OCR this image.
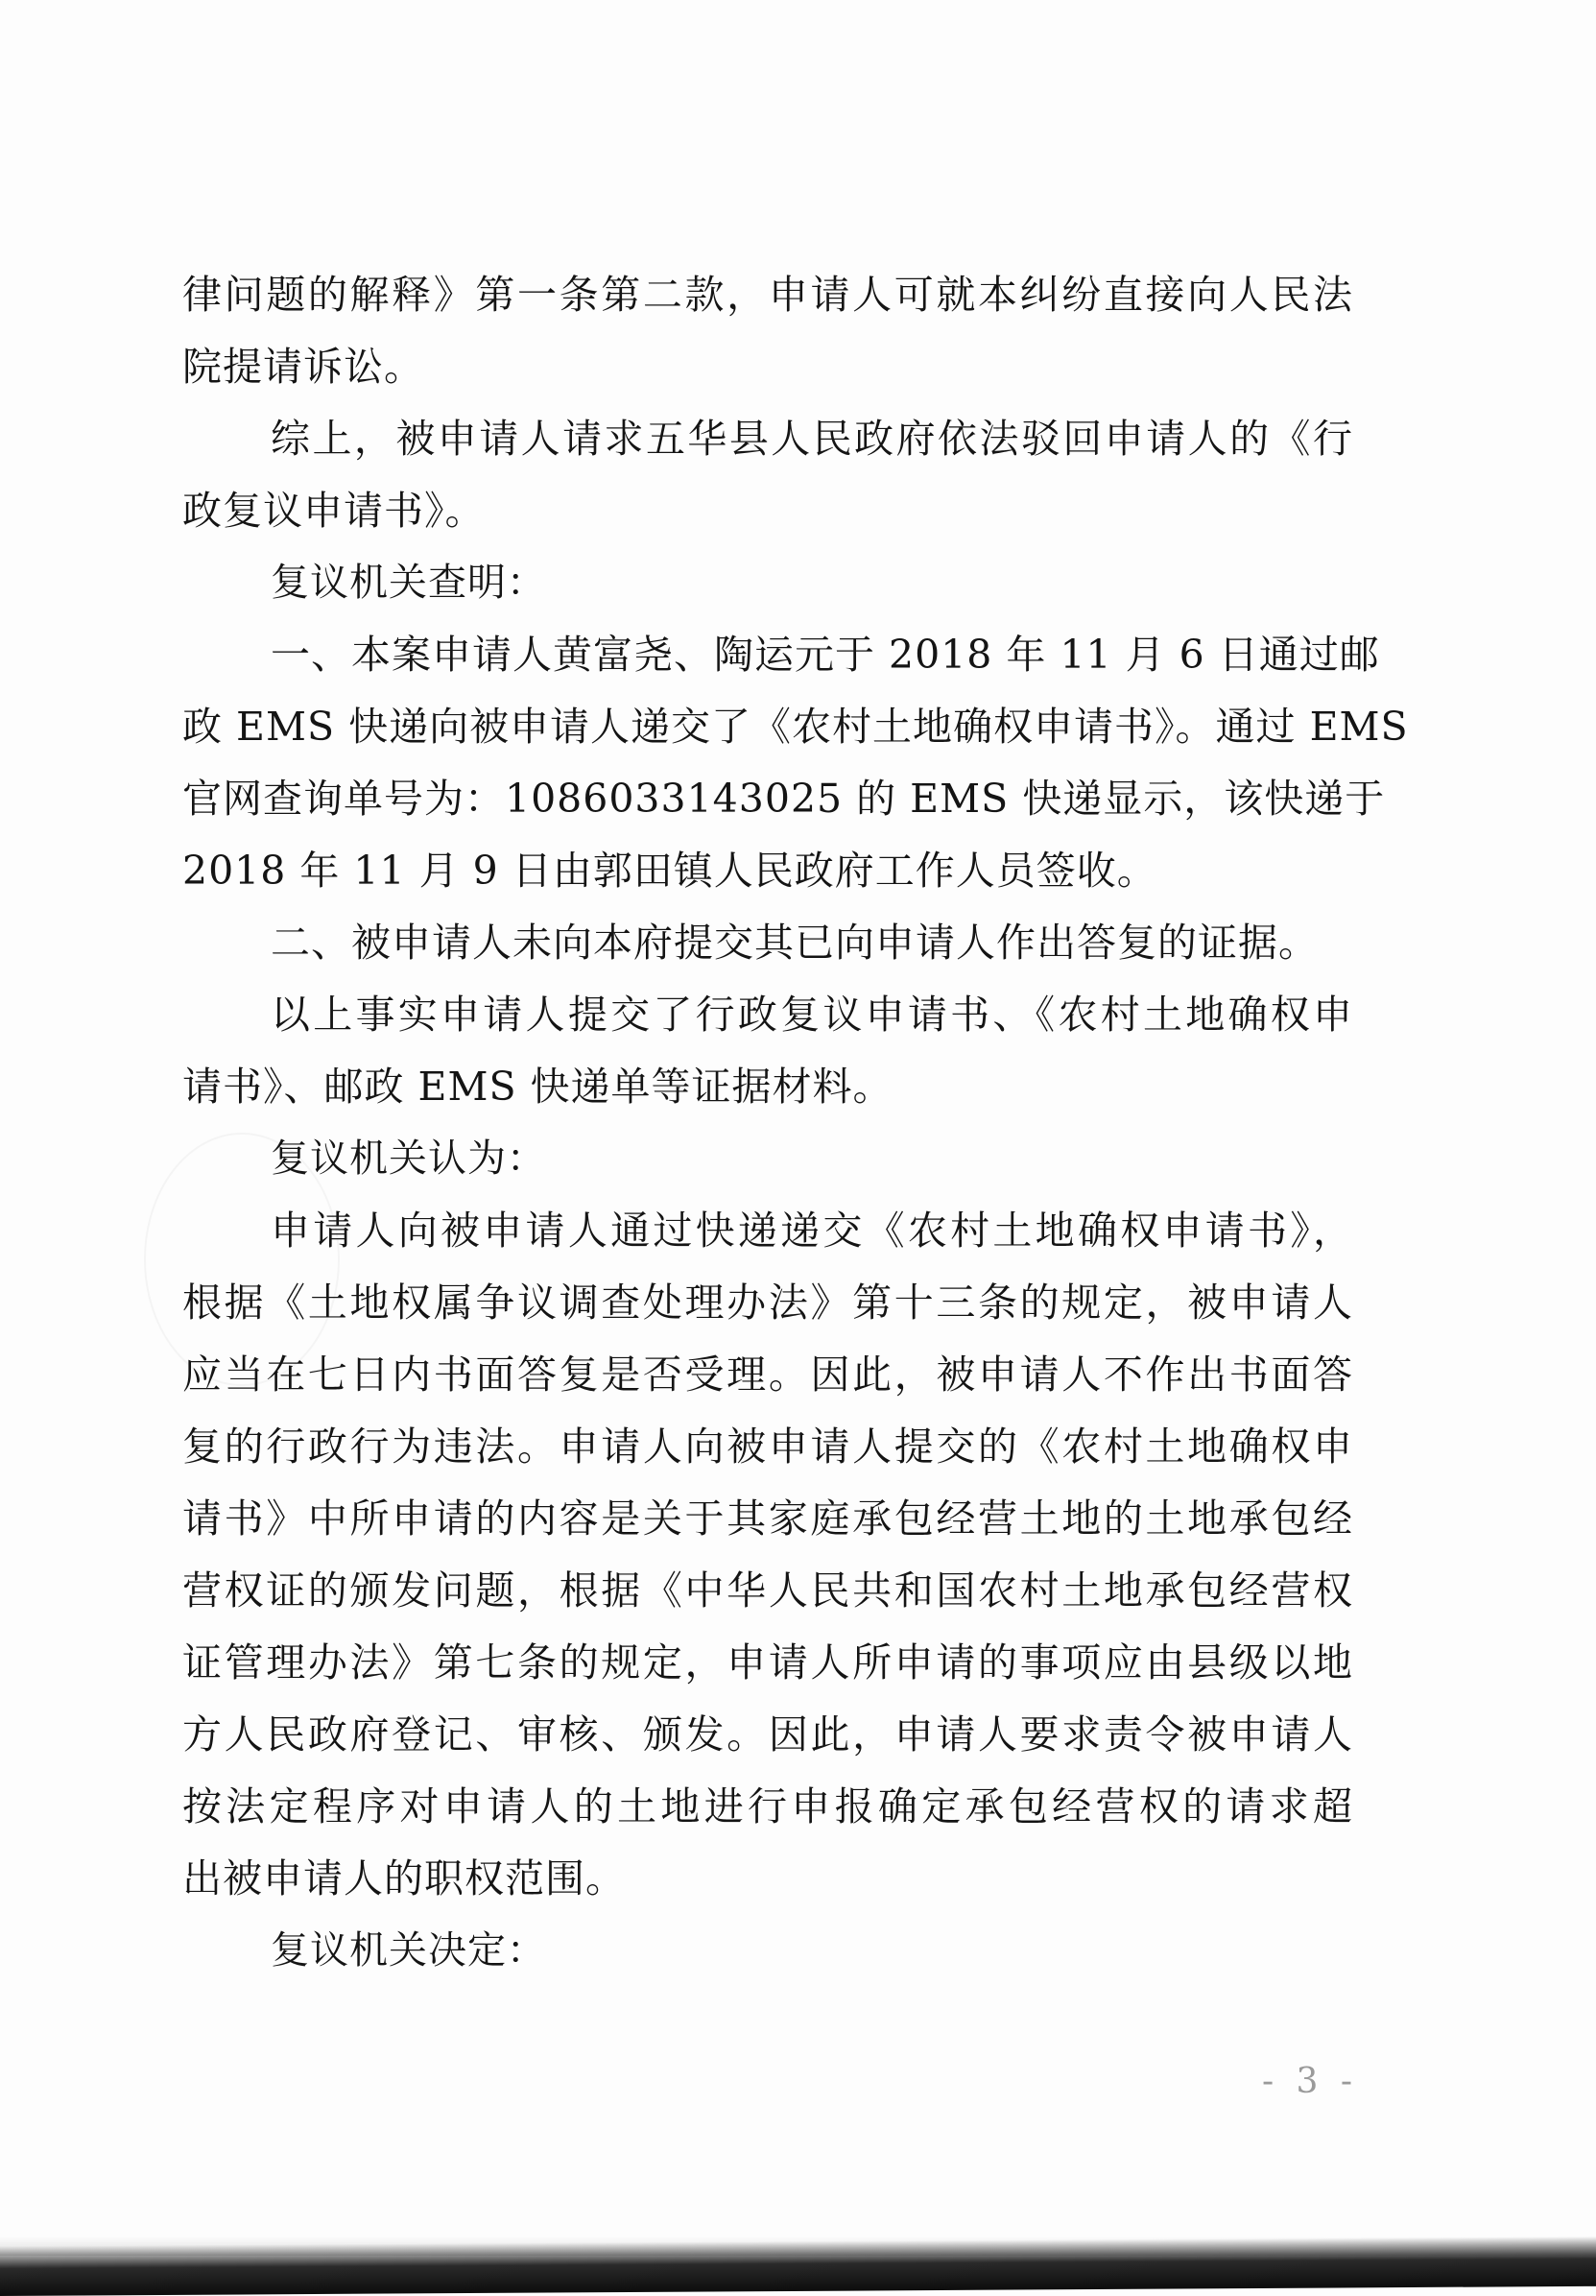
律问题的解释》第一条第二款，申请人可就本纠纷直接向人民法
院提请诉讼。
综上，被申请人请求五华县人民政府依法驳回申请人的《行
政复议申请书》。
复议机关查明：
一、本案申请人黄富尧、陶运元于 2018 年 11 月 6 日通过邮
政 EMS 快递向被申请人递交了《农村土地确权申请书》。通过 EMS
官网查询单号为：1086033143025 的 EMS 快递显示，该快递于
2018 年 11 月 9 日由郭田镇人民政府工作人员签收。
二、被申请人未向本府提交其已向申请人作出答复的证据。
以上事实申请人提交了行政复议申请书、《农村土地确权申
请书》、邮政 EMS 快递单等证据材料。
复议机关认为：
申请人向被申请人通过快递递交《农村土地确权申请书》，
根据《土地权属争议调查处理办法》第十三条的规定，被申请人
应当在七日内书面答复是否受理。因此，被申请人不作出书面答
复的行政行为违法。申请人向被申请人提交的《农村土地确权申
请书》中所申请的内容是关于其家庭承包经营土地的土地承包经
营权证的颁发问题，根据《中华人民共和国农村土地承包经营权
证管理办法》第七条的规定，申请人所申请的事项应由县级以地
方人民政府登记、审核、颁发。因此，申请人要求责令被申请人
按法定程序对申请人的土地进行申报确定承包经营权的请求超
出被申请人的职权范围。
复议机关决定：
- 3 -
